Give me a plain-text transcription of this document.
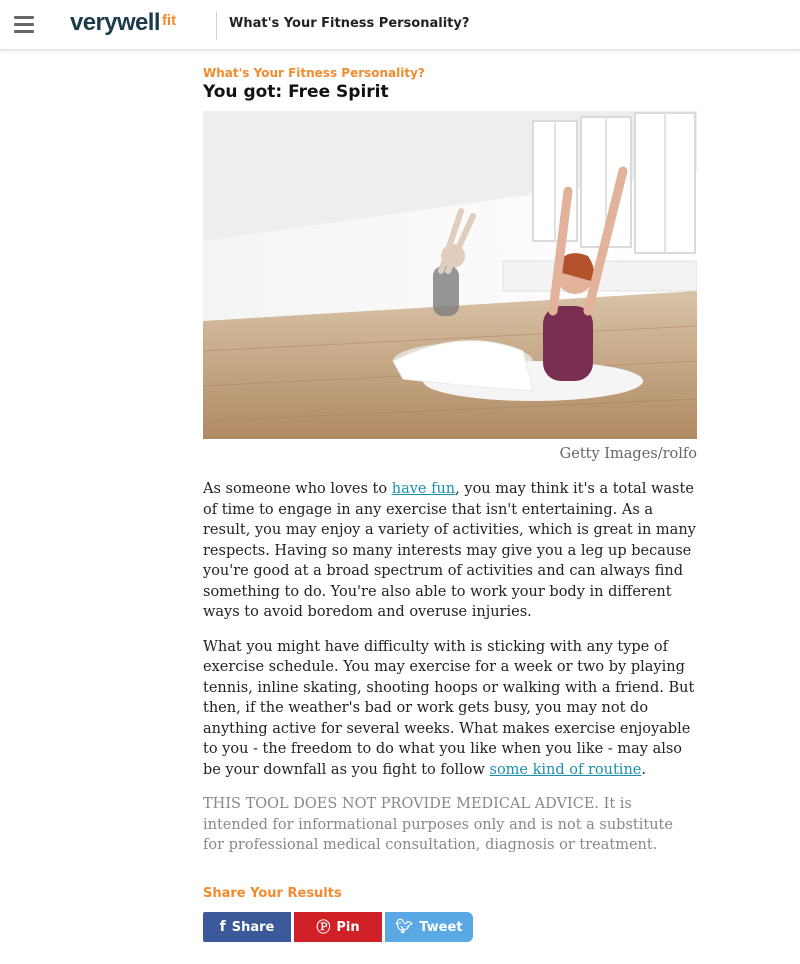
verywell fit	What's Your Fitness Personality?
What's Your Fitness Personality?
You got: Free Spirit
Getty Images/rolfo

As someone who loves to have fun, you may think it's a total waste of time to engage in any exercise that isn't entertaining. As a result, you may enjoy a variety of activities, which is great in many respects. Having so many interests may give you a leg up because you're good at a broad spectrum of activities and can always find something to do. You're also able to work your body in different ways to avoid boredom and overuse injuries.

What you might have difficulty with is sticking with any type of exercise schedule. You may exercise for a week or two by playing tennis, inline skating, shooting hoops or walking with a friend. But then, if the weather's bad or work gets busy, you may not do anything active for several weeks. What makes exercise enjoyable to you - the freedom to do what you like when you like - may also be your downfall as you fight to follow some kind of routine.

THIS TOOL DOES NOT PROVIDE MEDICAL ADVICE. It is intended for informational purposes only and is not a substitute for professional medical consultation, diagnosis or treatment.

Share Your Results
f Share	Ⓟ Pin	🐦︎ Tweet
